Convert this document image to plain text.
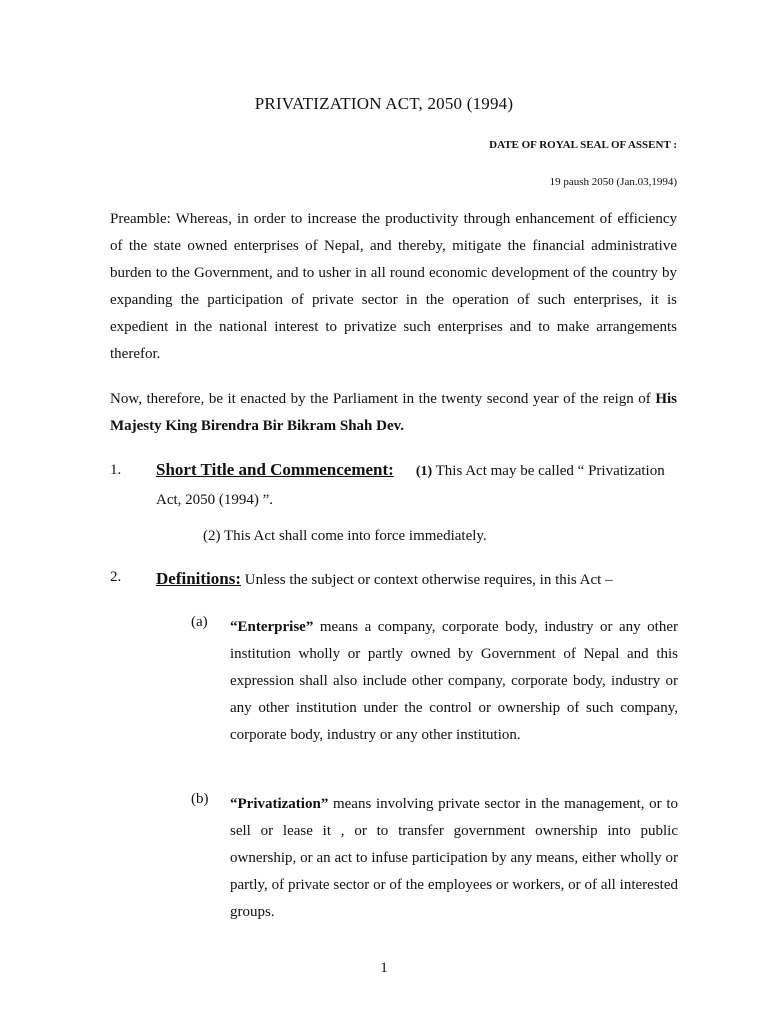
PRIVATIZATION ACT, 2050 (1994)
DATE OF ROYAL SEAL OF ASSENT :
19 paush 2050 (Jan.03,1994)

Preamble: Whereas, in order to increase the productivity through enhancement of efficiency of the state owned enterprises of Nepal, and thereby, mitigate the financial administrative burden to the Government, and to usher in all round economic development of the country by expanding the participation of private sector in the operation of such enterprises, it is expedient in the national interest to privatize such enterprises and to make arrangements therefor.

Now, therefore, be it enacted by the Parliament in the twenty second year of the reign of His Majesty King Birendra Bir Bikram Shah Dev.

1. Short Title and Commencement: (1) This Act may be called “ Privatization Act, 2050 (1994) ”.
(2) This Act shall come into force immediately.
2. Definitions: Unless the subject or context otherwise requires, in this Act –
(a) “Enterprise” means a company, corporate body, industry or any other institution wholly or partly owned by Government of Nepal and this expression shall also include other company, corporate body, industry or any other institution under the control or ownership of such company, corporate body, industry or any other institution.

(b) “Privatization” means involving private sector in the management, or to sell or lease it , or to transfer government ownership into public ownership, or an act to infuse participation by any means, either wholly or partly, of private sector or of the employees or workers, or of all interested groups.

1
